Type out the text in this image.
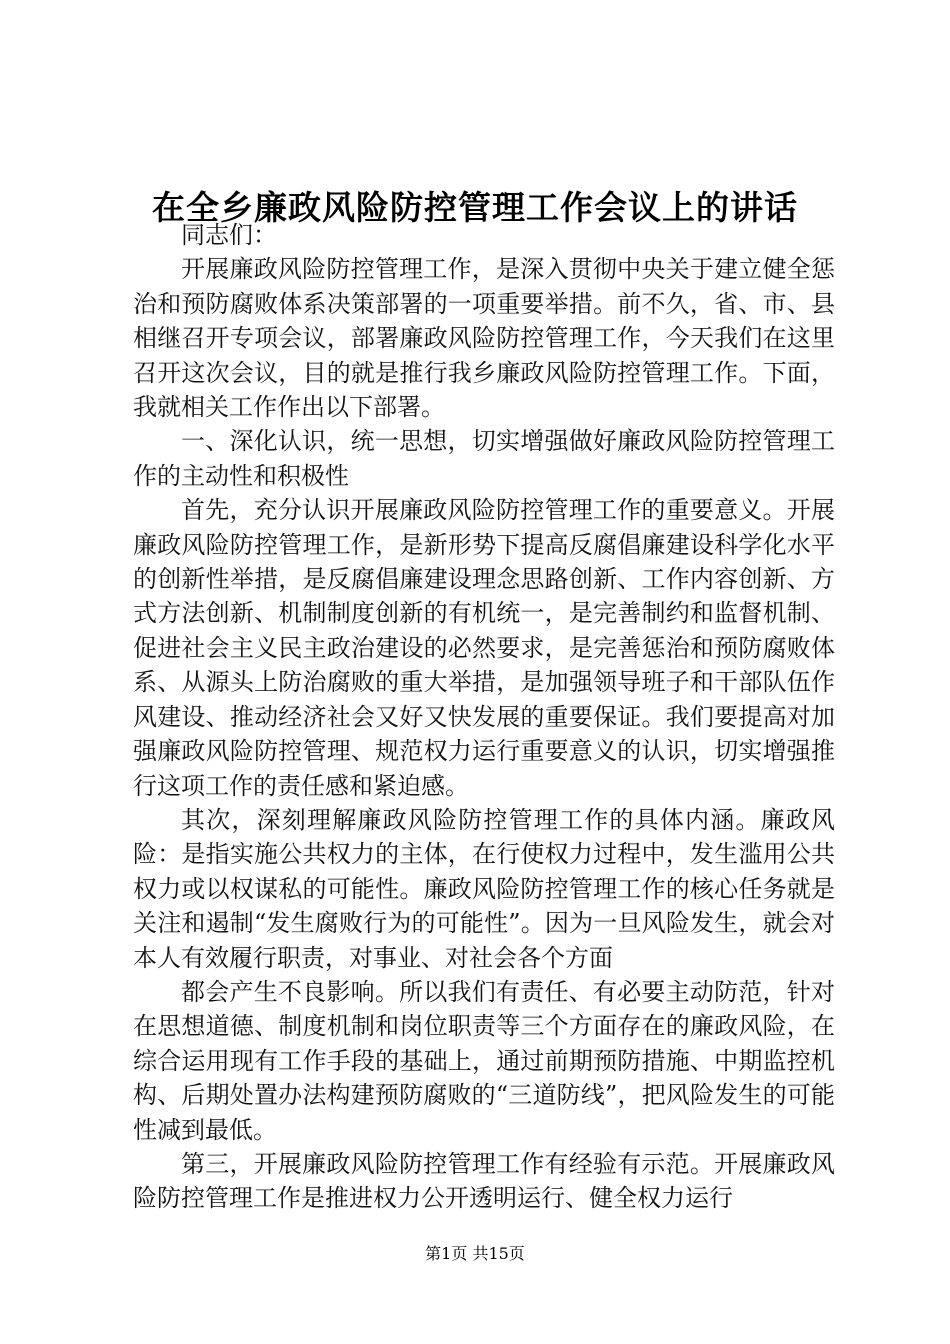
在全乡廉政风险防控管理工作会议上的讲话

同志们：

开展廉政风险防控管理工作，是深入贯彻中央关于建立健全惩治和预防腐败体系决策部署的一项重要举措。前不久，省、市、县相继召开专项会议，部署廉政风险防控管理工作，今天我们在这里召开这次会议，目的就是推行我乡廉政风险防控管理工作。下面，我就相关工作作出以下部署。

一、深化认识，统一思想，切实增强做好廉政风险防控管理工作的主动性和积极性

首先，充分认识开展廉政风险防控管理工作的重要意义。开展廉政风险防控管理工作，是新形势下提高反腐倡廉建设科学化水平的创新性举措，是反腐倡廉建设理念思路创新、工作内容创新、方式方法创新、机制制度创新的有机统一，是完善制约和监督机制、促进社会主义民主政治建设的必然要求，是完善惩治和预防腐败体系、从源头上防治腐败的重大举措，是加强领导班子和干部队伍作风建设、推动经济社会又好又快发展的重要保证。我们要提高对加强廉政风险防控管理、规范权力运行重要意义的认识，切实增强推行这项工作的责任感和紧迫感。

其次，深刻理解廉政风险防控管理工作的具体内涵。廉政风险：是指实施公共权力的主体，在行使权力过程中，发生滥用公共权力或以权谋私的可能性。廉政风险防控管理工作的核心任务就是关注和遏制“发生腐败行为的可能性”。因为一旦风险发生，就会对本人有效履行职责，对事业、对社会各个方面

都会产生不良影响。所以我们有责任、有必要主动防范，针对在思想道德、制度机制和岗位职责等三个方面存在的廉政风险，在综合运用现有工作手段的基础上，通过前期预防措施、中期监控机构、后期处置办法构建预防腐败的“三道防线”，把风险发生的可能性减到最低。

第三，开展廉政风险防控管理工作有经验有示范。开展廉政风险防控管理工作是推进权力公开透明运行、健全权力运行

第1页 共15页
